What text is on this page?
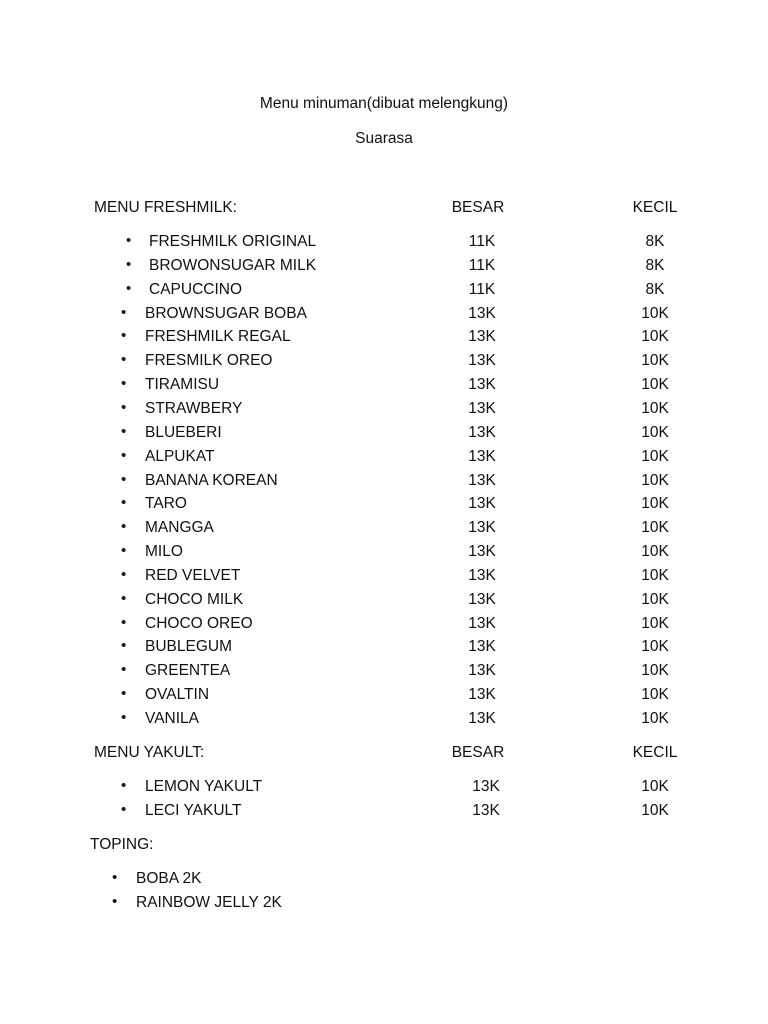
Menu minuman(dibuat melengkung)
Suarasa
MENU FRESHMILK:	BESAR	KECIL
• FRESHMILK ORIGINAL	11K	8K
• BROWONSUGAR MILK	11K	8K
• CAPUCCINO	11K	8K
• BROWNSUGAR BOBA	13K	10K
• FRESHMILK REGAL	13K	10K
• FRESMILK OREO	13K	10K
• TIRAMISU	13K	10K
• STRAWBERY	13K	10K
• BLUEBERI	13K	10K
• ALPUKAT	13K	10K
• BANANA KOREAN	13K	10K
• TARO	13K	10K
• MANGGA	13K	10K
• MILO	13K	10K
• RED VELVET	13K	10K
• CHOCO MILK	13K	10K
• CHOCO OREO	13K	10K
• BUBLEGUM	13K	10K
• GREENTEA	13K	10K
• OVALTIN	13K	10K
• VANILA	13K	10K
MENU YAKULT:	BESAR	KECIL
• LEMON YAKULT	13K	10K
• LECI YAKULT	13K	10K
TOPING:
• BOBA 2K
• RAINBOW JELLY 2K
